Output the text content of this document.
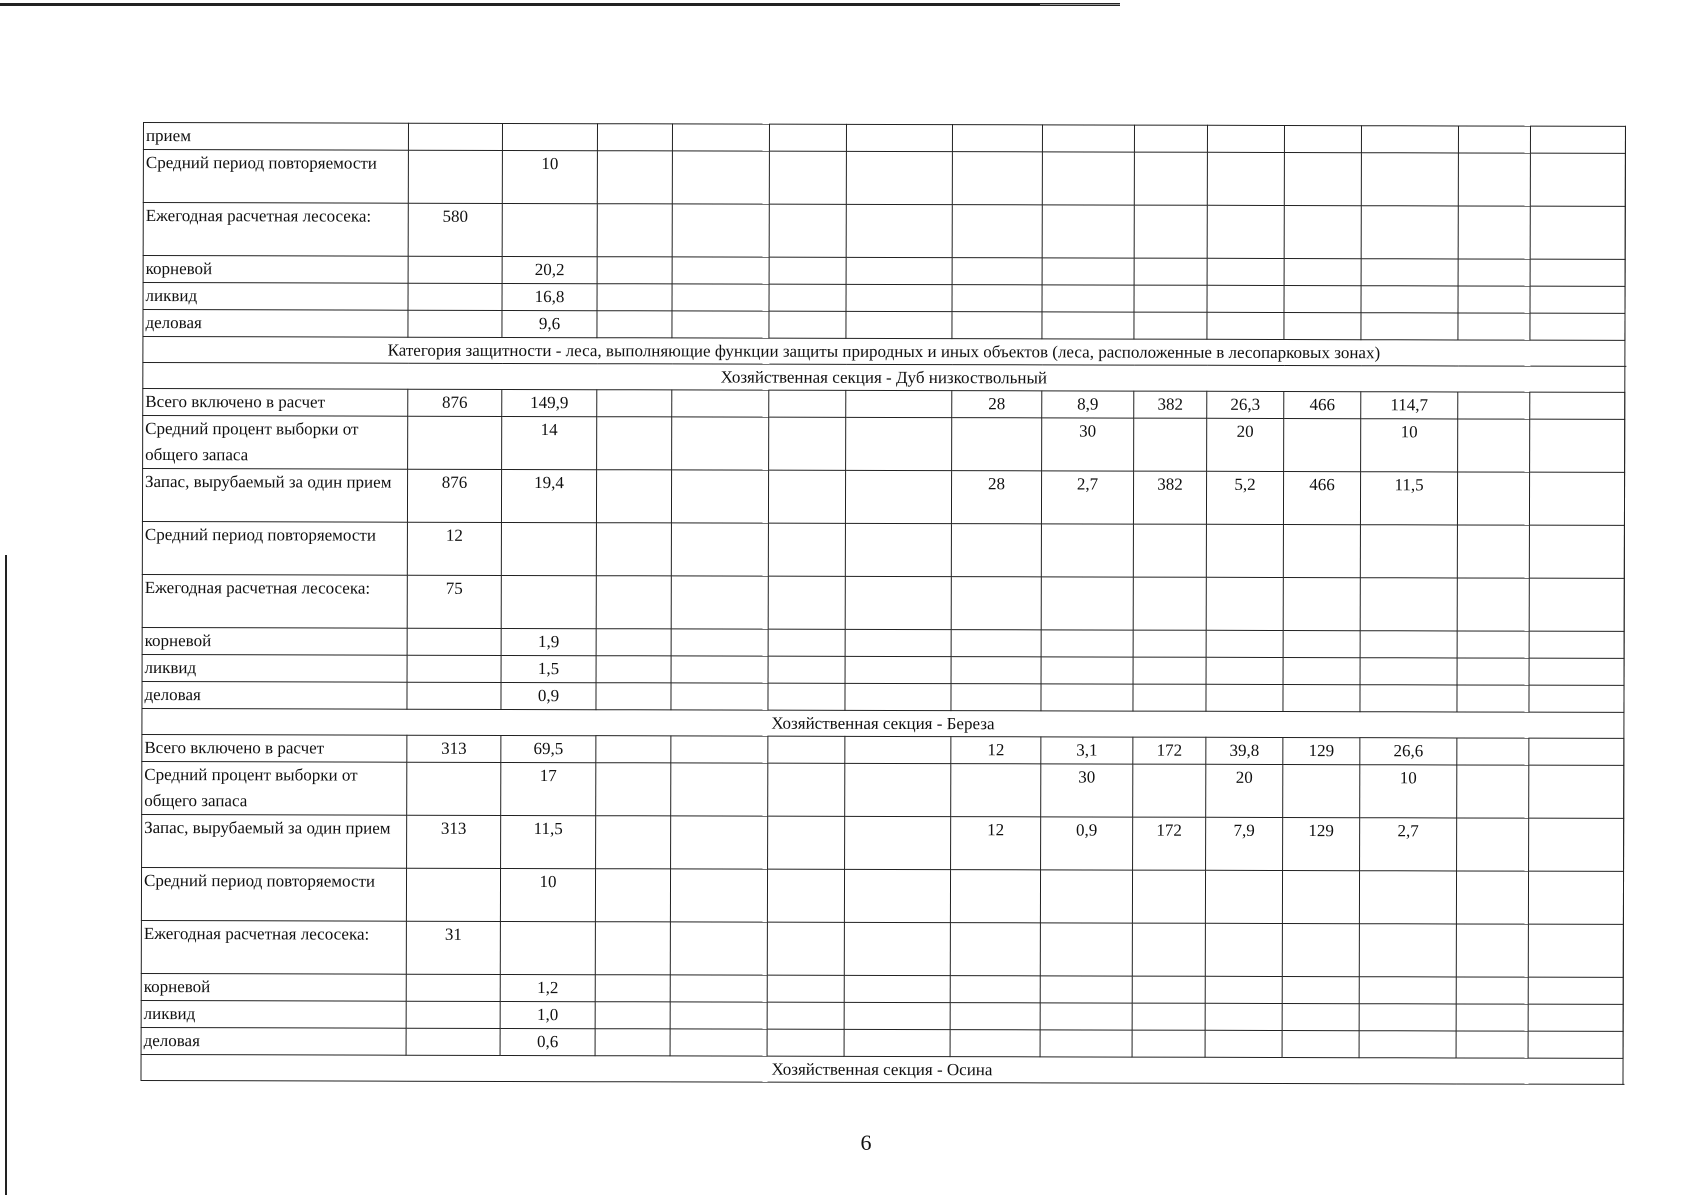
прием															
Средний период повторяемости		10													
Ежегодная расчетная лесосека:	580														
корневой		20,2													
ликвид		16,8													
деловая		9,6													
Категория защитности - леса, выполняющие функции защиты природных и иных объектов (леса, расположенные в лесопарковых зонах)															
Хозяйственная секция - Дуб низкоствольный															
Всего включено в расчет	876	149,9					28	8,9	382	26,3	466	114,7			
Средний процент выборки от общего запаса		14						30		20		10			
Запас, вырубаемый за один прием	876	19,4					28	2,7	382	5,2	466	11,5			
Средний период повторяемости	12														
Ежегодная расчетная лесосека:	75														
корневой		1,9													
ликвид		1,5													
деловая		0,9													
Хозяйственная секция - Береза															
Всего включено в расчет	313	69,5					12	3,1	172	39,8	129	26,6			
Средний процент выборки от общего запаса		17						30		20		10			
Запас, вырубаемый за один прием	313	11,5					12	0,9	172	7,9	129	2,7			
Средний период повторяемости		10													
Ежегодная расчетная лесосека:	31														
корневой		1,2													
ликвид		1,0													
деловая		0,6													
Хозяйственная секция - Осина															
6
